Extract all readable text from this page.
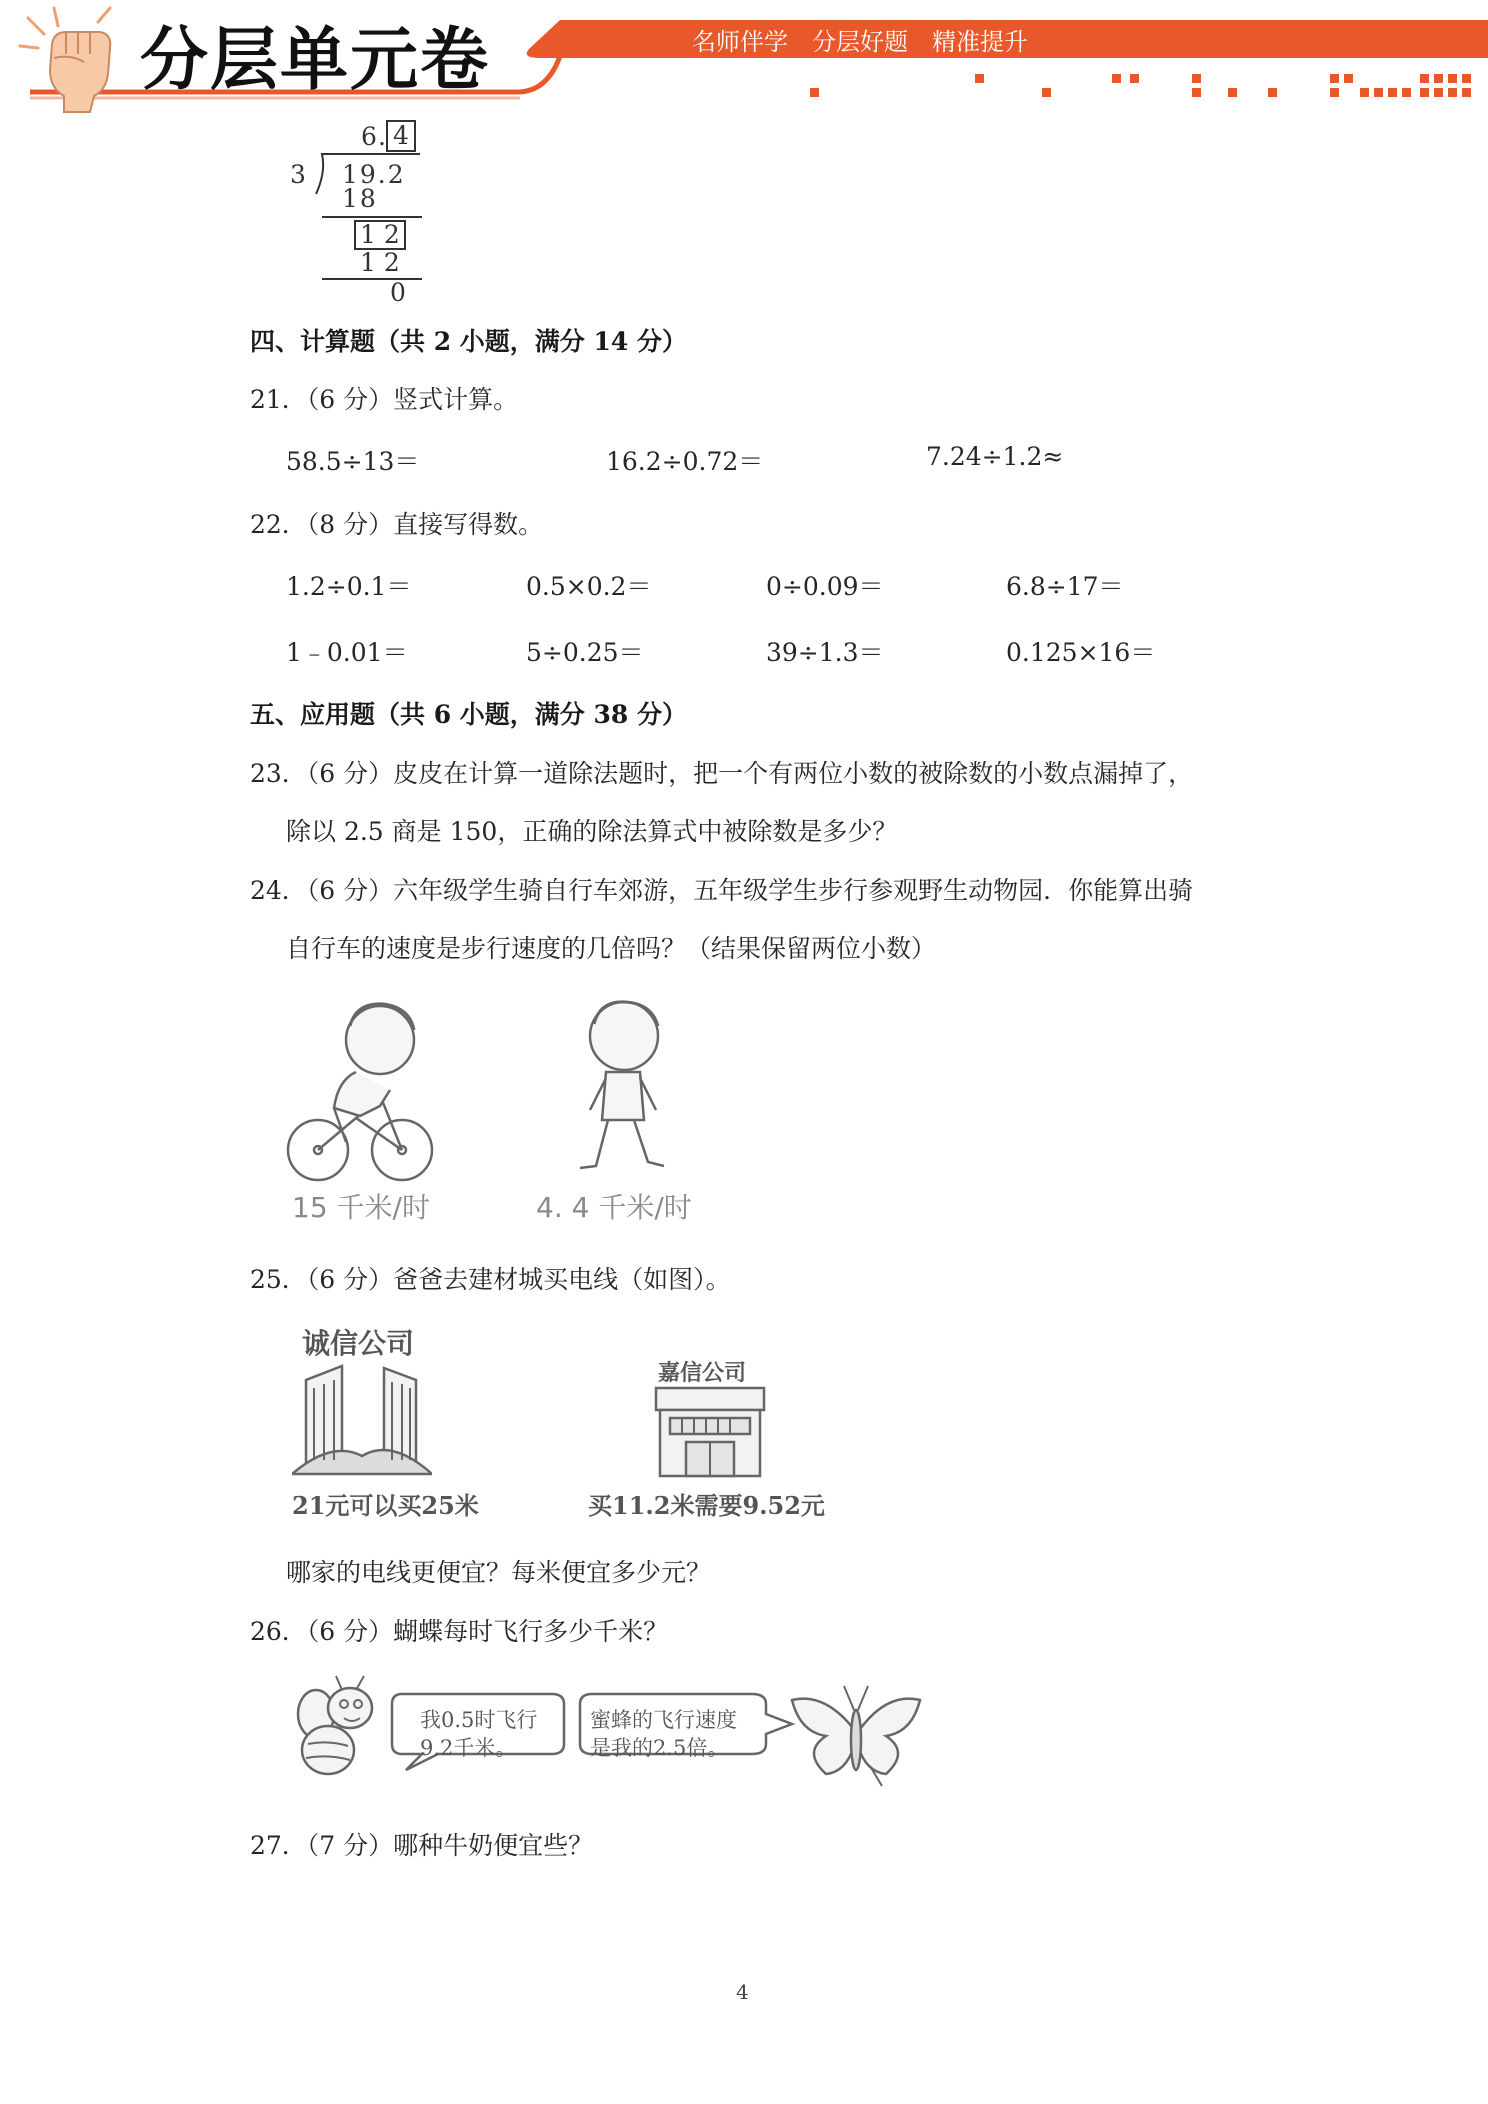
分层单元卷	名师伴学　分层好题　精准提升
6 . 4
3 19.2
18
1 2
1 2
0
四、计算题（共 2 小题，满分 14 分）
21．（6 分）竖式计算。
58.5÷13＝	16.2÷0.72＝	7.24÷1.2≈
22．（8 分）直接写得数。
1.2÷0.1＝	0.5×0.2＝	0÷0.09＝	6.8÷17＝
1﹣0.01＝	5÷0.25＝	39÷1.3＝	0.125×16＝
五、应用题（共 6 小题，满分 38 分）
23．（6 分）皮皮在计算一道除法题时，把一个有两位小数的被除数的小数点漏掉了，
除以 2.5 商是 150，正确的除法算式中被除数是多少？
24．（6 分）六年级学生骑自行车郊游，五年级学生步行参观野生动物园．你能算出骑
自行车的速度是步行速度的几倍吗？（结果保留两位小数）
15 千米/时	4. 4 千米/时
25．（6 分）爸爸去建材城买电线（如图）。
诚信公司
21元可以买25米
嘉信公司
买11.2米需要9.52元
哪家的电线更便宜？每米便宜多少元？
26．（6 分）蝴蝶每时飞行多少千米？
我0.5时飞行
9.2千米。
蜜蜂的飞行速度
是我的2.5倍。
27．（7 分）哪种牛奶便宜些？
4
